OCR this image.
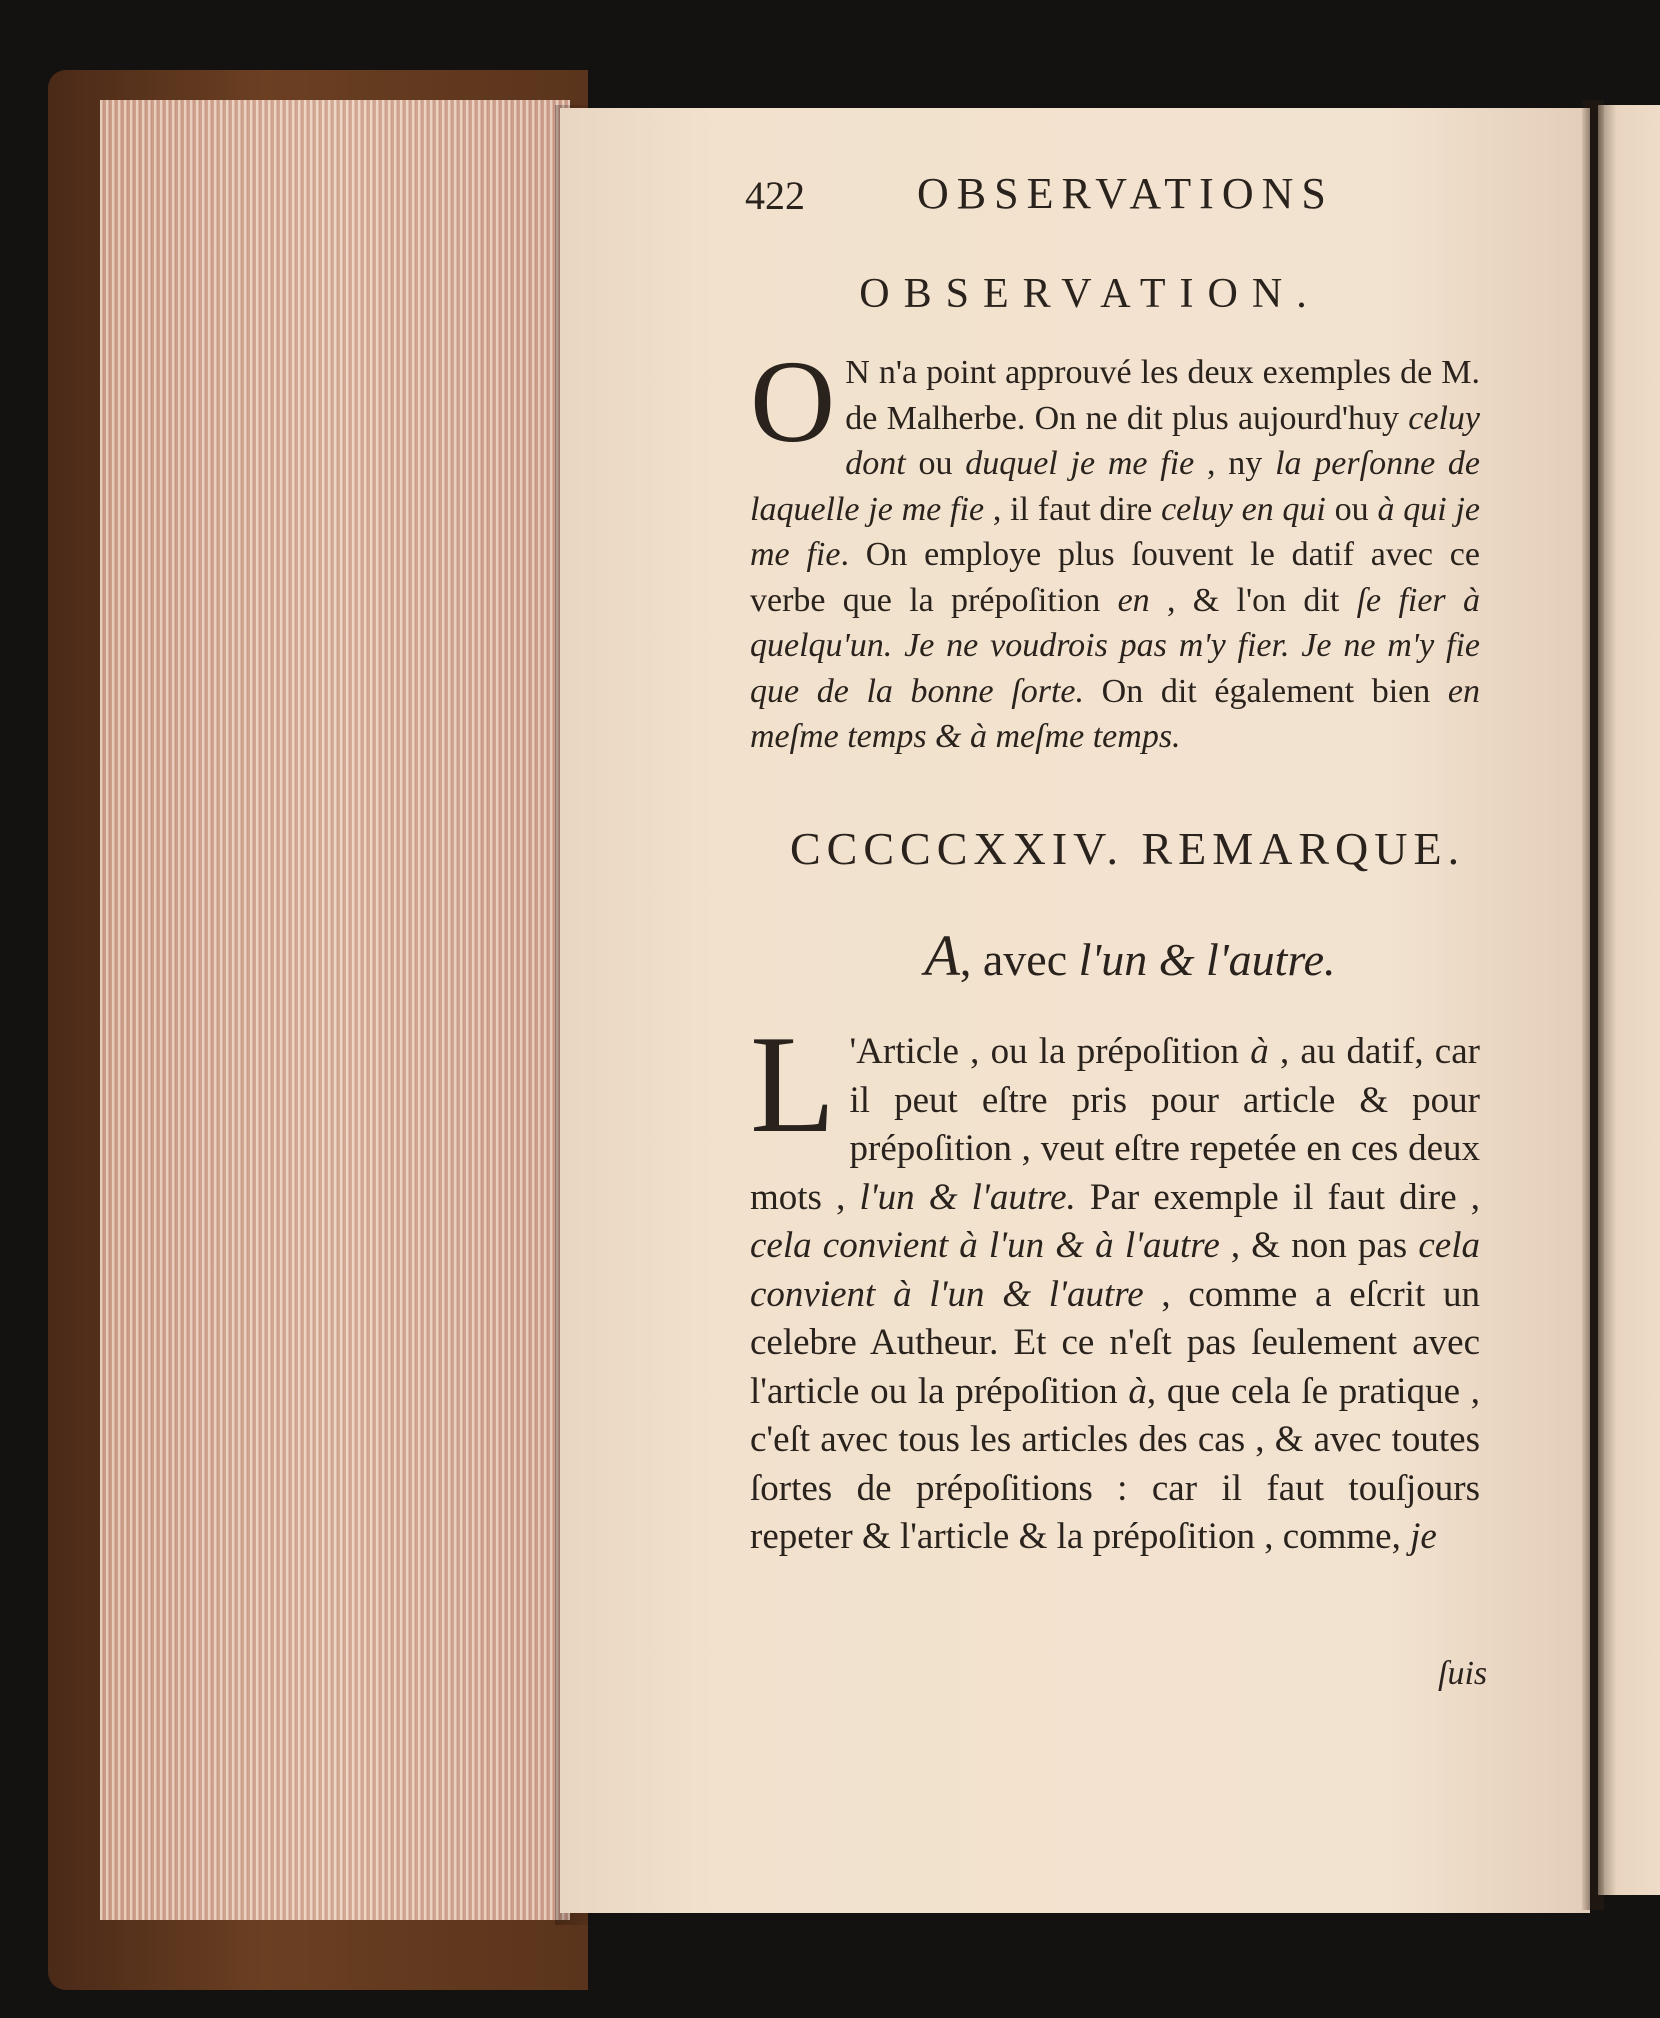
422	OBSERVATIONS
OBSERVATION.
O N n'a point approuvé les deux exemples de M. de Malherbe. On ne dit plus aujourd'huy celuy dont ou duquel je me fie , ny la perſonne de laquelle je me fie , il faut dire celuy en qui ou à qui je me fie. On employe plus ſouvent le datif avec ce verbe que la prépoſition en , & l'on dit ſe fier à quelqu'un. Je ne voudrois pas m'y fier. Je ne m'y fie que de la bonne ſorte. On dit également bien en meſme temps & à meſme temps.
CCCCCXXIV. REMARQUE.
A, avec l'un & l'autre.
L 'Article , ou la prépoſition à , au datif, car il peut eſtre pris pour article & pour prépoſition , veut eſtre repetée en ces deux mots , l'un & l'autre. Par exemple il faut dire , cela convient à l'un & à l'autre , & non pas cela convient à l'un & l'autre , comme a eſcrit un celebre Autheur. Et ce n'eſt pas ſeulement avec l'article ou la prépoſition à, que cela ſe pratique , c'eſt avec tous les articles des cas , & avec toutes ſortes de prépoſitions : car il faut touſjours repeter & l'article & la prépoſition , comme, je
ſuis
